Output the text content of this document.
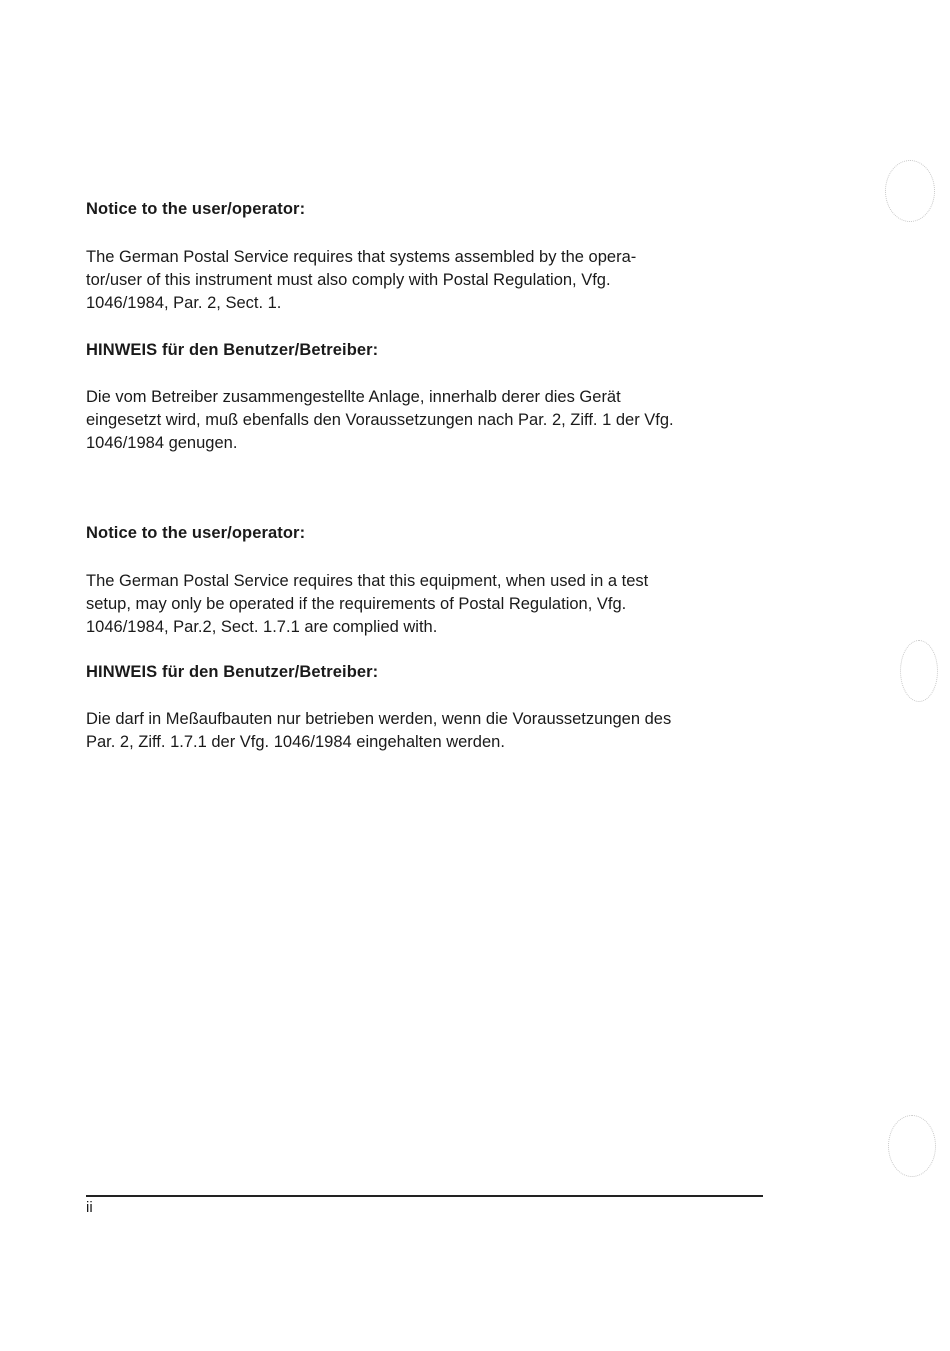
Notice to the user/operator:
The German Postal Service requires that systems assembled by the opera-
tor/user of this instrument must also comply with Postal Regulation, Vfg.
1046/1984, Par. 2, Sect. 1.
HINWEIS für den Benutzer/Betreiber:
Die vom Betreiber zusammengestellte Anlage, innerhalb derer dies Gerät
eingesetzt wird, muß ebenfalls den Voraussetzungen nach Par. 2, Ziff. 1 der Vfg.
1046/1984 genugen.
Notice to the user/operator:
The German Postal Service requires that this equipment, when used in a test
setup, may only be operated if the requirements of Postal Regulation, Vfg.
1046/1984, Par.2, Sect. 1.7.1 are complied with.
HINWEIS für den Benutzer/Betreiber:
Die darf in Meßaufbauten nur betrieben werden, wenn die Voraussetzungen des
Par. 2, Ziff. 1.7.1 der Vfg. 1046/1984 eingehalten werden.
ii
